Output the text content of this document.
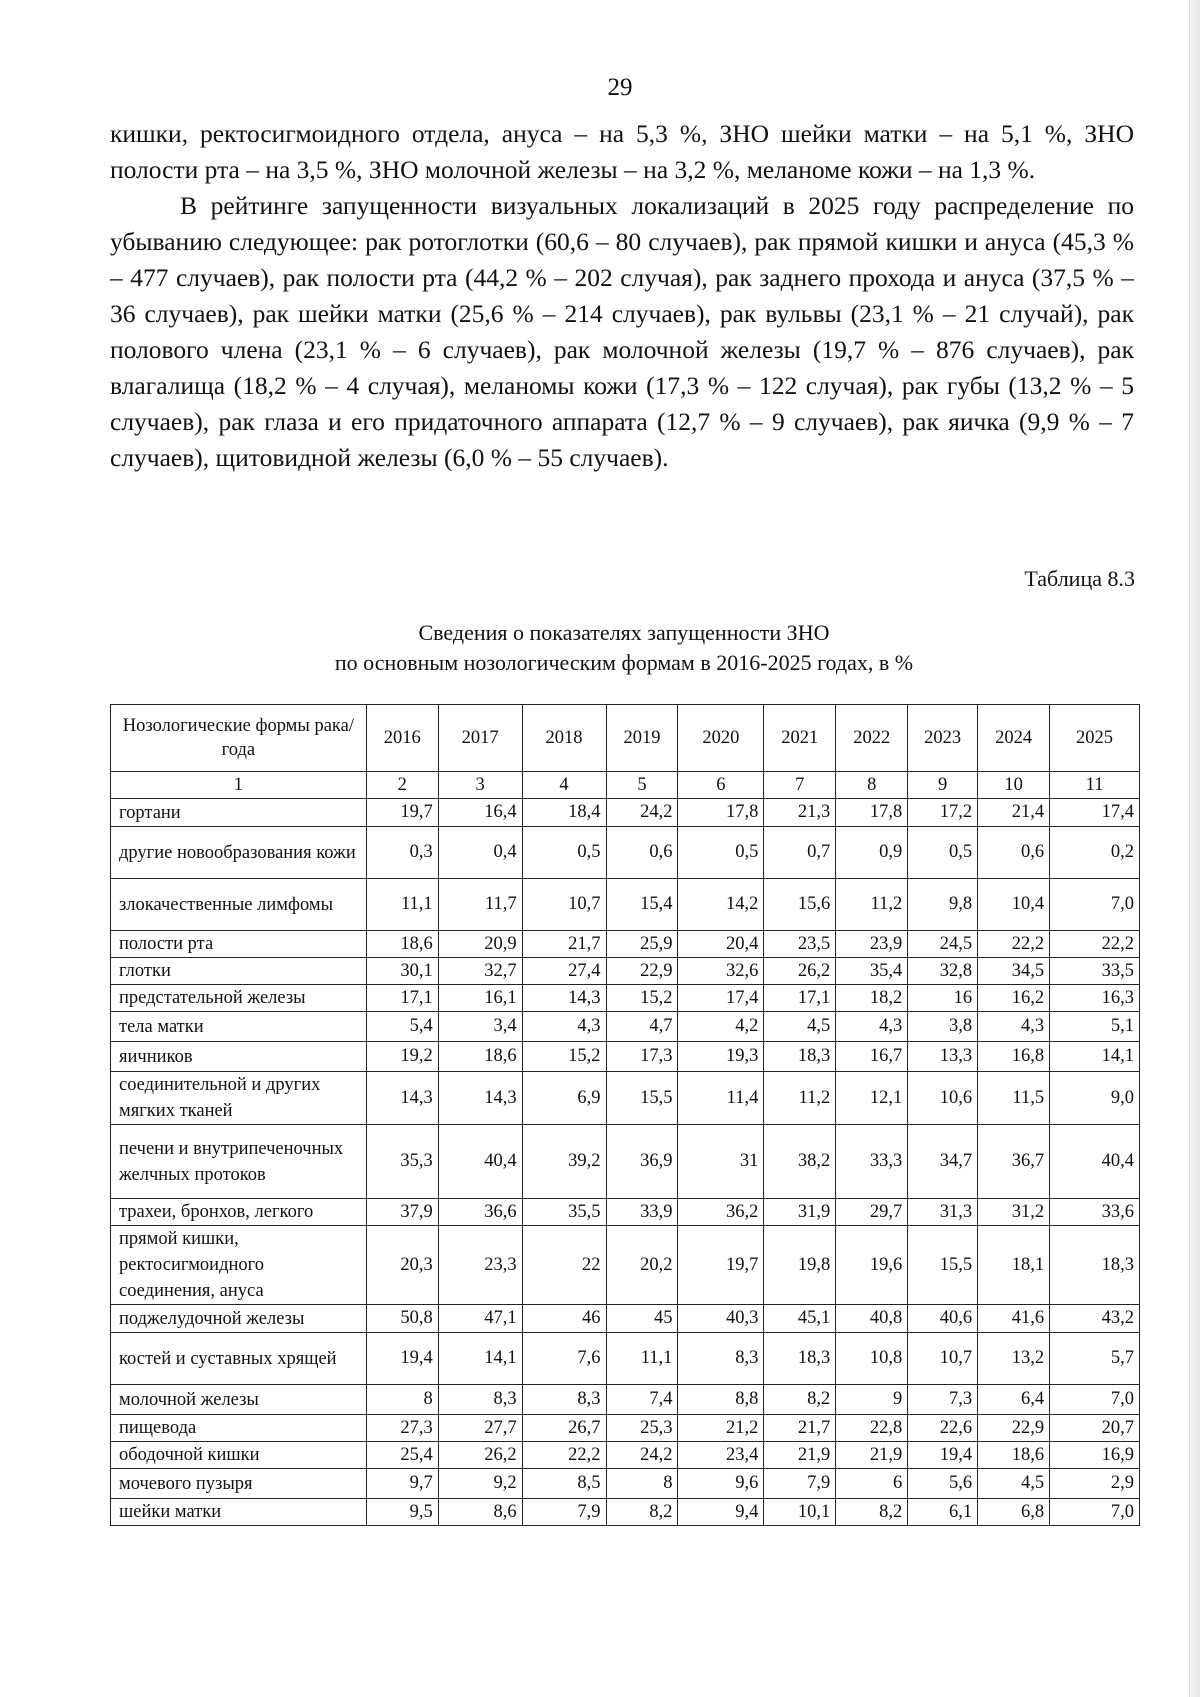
29

кишки, ректосигмоидного отдела, ануса – на 5,3 %, ЗНО шейки матки – на 5,1 %, ЗНО полости рта – на 3,5 %, ЗНО молочной железы – на 3,2 %, меланоме кожи – на 1,3 %.

В рейтинге запущенности визуальных локализаций в 2025 году распределение по убыванию следующее: рак ротоглотки (60,6 – 80 случаев), рак прямой кишки и ануса (45,3 % – 477 случаев), рак полости рта (44,2 % – 202 случая), рак заднего прохода и ануса (37,5 % – 36 случаев), рак шейки матки (25,6 % – 214 случаев), рак вульвы (23,1 % – 21 случай), рак полового члена (23,1 % – 6 случаев), рак молочной железы (19,7 % – 876 случаев), рак влагалища (18,2 % – 4 случая), меланомы кожи (17,3 % – 122 случая), рак губы (13,2 % – 5 случаев), рак глаза и его придаточного аппарата (12,7 % – 9 случаев), рак яичка (9,9 % – 7 случаев), щитовидной железы (6,0 % – 55 случаев).

Таблица 8.3
Сведения о показателях запущенности ЗНО
по основным нозологическим формам в 2016-2025 годах, в %
Нозологические формы рака/года	2016	2017	2018	2019	2020	2021	2022	2023	2024	2025
1	2	3	4	5	6	7	8	9	10	11
гортани	19,7	16,4	18,4	24,2	17,8	21,3	17,8	17,2	21,4	17,4
другие новообразования кожи	0,3	0,4	0,5	0,6	0,5	0,7	0,9	0,5	0,6	0,2
злокачественные лимфомы	11,1	11,7	10,7	15,4	14,2	15,6	11,2	9,8	10,4	7,0
полости рта	18,6	20,9	21,7	25,9	20,4	23,5	23,9	24,5	22,2	22,2
глотки	30,1	32,7	27,4	22,9	32,6	26,2	35,4	32,8	34,5	33,5
предстательной железы	17,1	16,1	14,3	15,2	17,4	17,1	18,2	16	16,2	16,3
тела матки	5,4	3,4	4,3	4,7	4,2	4,5	4,3	3,8	4,3	5,1
яичников	19,2	18,6	15,2	17,3	19,3	18,3	16,7	13,3	16,8	14,1
соединительной и других мягких тканей	14,3	14,3	6,9	15,5	11,4	11,2	12,1	10,6	11,5	9,0
печени и внутрипеченочных желчных протоков	35,3	40,4	39,2	36,9	31	38,2	33,3	34,7	36,7	40,4
трахеи, бронхов, легкого	37,9	36,6	35,5	33,9	36,2	31,9	29,7	31,3	31,2	33,6
прямой кишки, ректосигмоидного соединения, ануса	20,3	23,3	22	20,2	19,7	19,8	19,6	15,5	18,1	18,3
поджелудочной железы	50,8	47,1	46	45	40,3	45,1	40,8	40,6	41,6	43,2
костей и суставных хрящей	19,4	14,1	7,6	11,1	8,3	18,3	10,8	10,7	13,2	5,7
молочной железы	8	8,3	8,3	7,4	8,8	8,2	9	7,3	6,4	7,0
пищевода	27,3	27,7	26,7	25,3	21,2	21,7	22,8	22,6	22,9	20,7
ободочной кишки	25,4	26,2	22,2	24,2	23,4	21,9	21,9	19,4	18,6	16,9
мочевого пузыря	9,7	9,2	8,5	8	9,6	7,9	6	5,6	4,5	2,9
шейки матки	9,5	8,6	7,9	8,2	9,4	10,1	8,2	6,1	6,8	7,0
